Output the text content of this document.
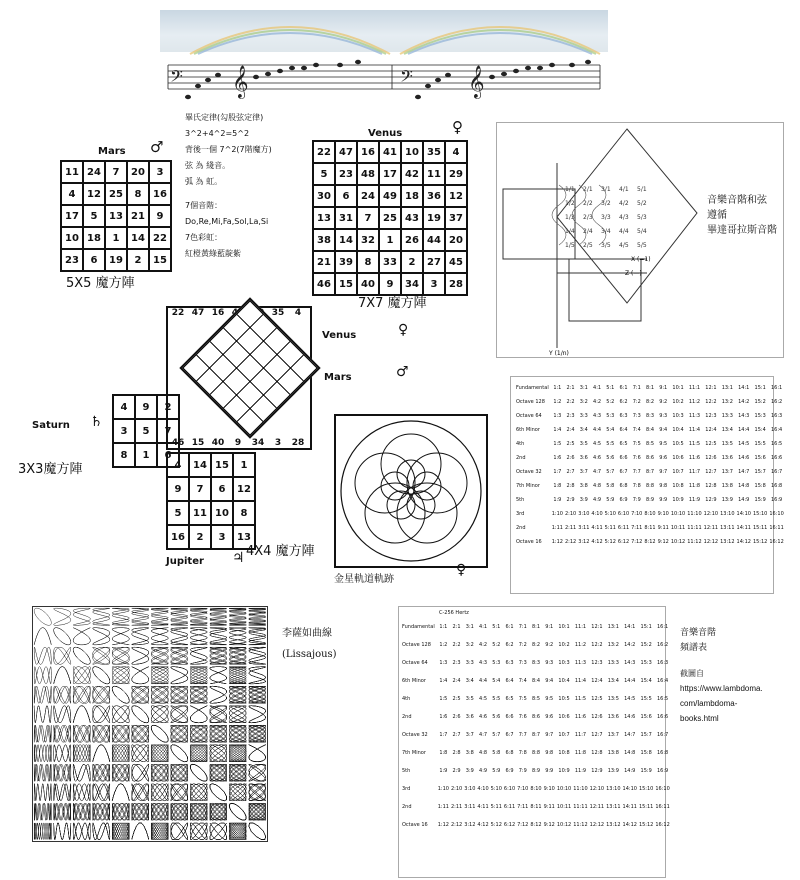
𝄢 𝄞	𝄢 𝄞
Mars ♂
11	24	7	20	3
4	12	25	8	16
17	5	13	21	9
10	18	1	14	22
23	6	19	2	15
5X5 魔方陣
畢氏定律(勾股弦定律)
3^2+4^2=5^2
背後一個 7^2(7階魔方)
弦 為 綫音。
弧 為 虹。
7個音階：
Do,Re,Mi,Fa,Sol,La,Si
7色彩虹：
紅橙黃綠藍靛紫
Venus	♀
22	47	16	41	10	35	4
5	23	48	17	42	11	29
30	6	24	49	18	36	12
13	31	7	25	43	19	37
38	14	32	1	26	44	20
21	39	8	33	2	27	45
46	15	40	9	34	3	28
7X7 魔方陣
X (=1)
Z (—)
Y (1/n)
1/1 2/1 3/1 4/1 5/1
1/2 2/2 3/2 4/2 5/2
1/3 2/3 3/3 4/3 5/3
1/4 2/4 3/4 4/4 5/4
1/5 2/5 3/5 4/5 5/5
音樂音階和弦
遵循
畢達哥拉斯音階
22 47 16	35	4
46 15 40	9	34	3	28
Venus	♀
Mars	♂
4	9	2
3	5	7
8	1	6
Saturn ♄
3X3魔方陣	4	14	15	1
9	7	6	12
5	11	10	8
16	2	3	13
4X4 魔方陣
Jupiter ♃
金星軌道軌跡
♀
Fundamental	1:1	2:1	3:1	4:1	5:1	6:1	7:1	8:1	9:1	10:1	11:1	12:1	13:1	14:1	15:1	16:1
Octave 128	1:2	2:2	3:2	4:2	5:2	6:2	7:2	8:2	9:2	10:2	11:2	12:2	13:2	14:2	15:2	16:2
Octave 64	1:3	2:3	3:3	4:3	5:3	6:3	7:3	8:3	9:3	10:3	11:3	12:3	13:3	14:3	15:3	16:3
6th Minor	1:4	2:4	3:4	4:4	5:4	6:4	7:4	8:4	9:4	10:4	11:4	12:4	13:4	14:4	15:4	16:4
4th	1:5	2:5	3:5	4:5	5:5	6:5	7:5	8:5	9:5	10:5	11:5	12:5	13:5	14:5	15:5	16:5
2nd	1:6	2:6	3:6	4:6	5:6	6:6	7:6	8:6	9:6	10:6	11:6	12:6	13:6	14:6	15:6	16:6
Octave 32	1:7	2:7	3:7	4:7	5:7	6:7	7:7	8:7	9:7	10:7	11:7	12:7	13:7	14:7	15:7	16:7
7th Minor	1:8	2:8	3:8	4:8	5:8	6:8	7:8	8:8	9:8	10:8	11:8	12:8	13:8	14:8	15:8	16:8
5th	1:9	2:9	3:9	4:9	5:9	6:9	7:9	8:9	9:9	10:9	11:9	12:9	13:9	14:9	15:9	16:9
3rd	1:10	2:10	3:10	4:10	5:10	6:10	7:10	8:10	9:10	10:10	11:10	12:10	13:10	14:10	15:10	16:10
2nd	1:11	2:11	3:11	4:11	5:11	6:11	7:11	8:11	9:11	10:11	11:11	12:11	13:11	14:11	15:11	16:11
Octave 16	1:12	2:12	3:12	4:12	5:12	6:12	7:12	8:12	9:12	10:12	11:12	12:12	13:12	14:12	15:12	16:12
李薩如曲線
(Lissajous)
C-256 Hertz
Fundamental	1:1	2:1	3:1	4:1	5:1	6:1	7:1	8:1	9:1	10:1	11:1	12:1	13:1	14:1	15:1	16:1
Octave 128	1:2	2:2	3:2	4:2	5:2	6:2	7:2	8:2	9:2	10:2	11:2	12:2	13:2	14:2	15:2	16:2
Octave 64	1:3	2:3	3:3	4:3	5:3	6:3	7:3	8:3	9:3	10:3	11:3	12:3	13:3	14:3	15:3	16:3
6th Minor	1:4	2:4	3:4	4:4	5:4	6:4	7:4	8:4	9:4	10:4	11:4	12:4	13:4	14:4	15:4	16:4
4th	1:5	2:5	3:5	4:5	5:5	6:5	7:5	8:5	9:5	10:5	11:5	12:5	13:5	14:5	15:5	16:5
2nd	1:6	2:6	3:6	4:6	5:6	6:6	7:6	8:6	9:6	10:6	11:6	12:6	13:6	14:6	15:6	16:6
Octave 32	1:7	2:7	3:7	4:7	5:7	6:7	7:7	8:7	9:7	10:7	11:7	12:7	13:7	14:7	15:7	16:7
7th Minor	1:8	2:8	3:8	4:8	5:8	6:8	7:8	8:8	9:8	10:8	11:8	12:8	13:8	14:8	15:8	16:8
5th	1:9	2:9	3:9	4:9	5:9	6:9	7:9	8:9	9:9	10:9	11:9	12:9	13:9	14:9	15:9	16:9
3rd	1:10	2:10	3:10	4:10	5:10	6:10	7:10	8:10	9:10	10:10	11:10	12:10	13:10	14:10	15:10	16:10
2nd	1:11	2:11	3:11	4:11	5:11	6:11	7:11	8:11	9:11	10:11	11:11	12:11	13:11	14:11	15:11	16:11
Octave 16	1:12	2:12	3:12	4:12	5:12	6:12	7:12	8:12	9:12	10:12	11:12	12:12	13:12	14:12	15:12	16:12
音樂音階
頻譜表
截圖自
https://www.lambdoma.
com/lambdoma-
books.html
